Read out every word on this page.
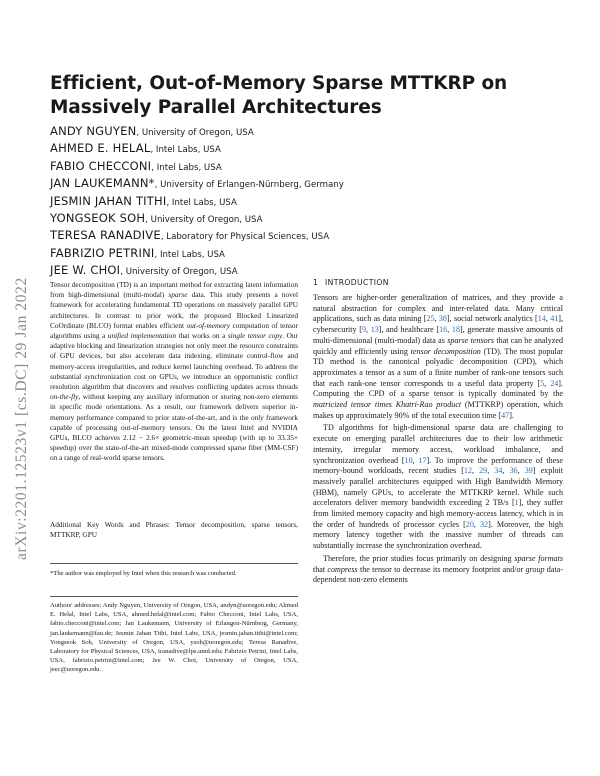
arXiv:2201.12523v1 [cs.DC] 29 Jan 2022
Efficient, Out-of-Memory Sparse MTTKRP on Massively Parallel Architectures
ANDY NGUYEN, University of Oregon, USA
AHMED E. HELAL, Intel Labs, USA
FABIO CHECCONI, Intel Labs, USA
JAN LAUKEMANN*, University of Erlangen-Nürnberg, Germany
JESMIN JAHAN TITHI, Intel Labs, USA
YONGSEOK SOH, University of Oregon, USA
TERESA RANADIVE, Laboratory for Physical Sciences, USA
FABRIZIO PETRINI, Intel Labs, USA
JEE W. CHOI, University of Oregon, USA

Tensor decomposition (TD) is an important method for extracting latent information from high-dimensional (multi-modal) sparse data. This study presents a novel framework for accelerating fundamental TD operations on massively parallel GPU architectures. In contrast to prior work, the proposed Blocked Linearized CoOrdinate (BLCO) format enables efficient out-of-memory computation of tensor algorithms using a unified implementation that works on a single tensor copy. Our adaptive blocking and linearization strategies not only meet the resource constraints of GPU devices, but also accelerate data indexing, eliminate control-flow and memory-access irregularities, and reduce kernel launching overhead. To address the substantial synchronization cost on GPUs, we introduce an opportunistic conflict resolution algorithm that discovers and resolves conflicting updates across threads on-the-fly, without keeping any auxiliary information or storing non-zero elements in specific mode orientations. As a result, our framework delivers superior in-memory performance compared to prior state-of-the-art, and is the only framework capable of processing out-of-memory tensors. On the latest Intel and NVIDIA GPUs, BLCO achieves 2.12 − 2.6× geometric-mean speedup (with up to 33.35× speedup) over the state-of-the-art mixed-mode compressed sparse fiber (MM-CSF) on a range of real-world sparse tensors.

Additional Key Words and Phrases: Tensor decomposition, sparse tensors, MTTKRP, GPU

*The author was employed by Intel when this research was conducted.

Authors' addresses: Andy Nguyen, University of Oregon, USA, andyn@uoregon.edu; Ahmed E. Helal, Intel Labs, USA, ahmed.helal@intel.com; Fabio Checconi, Intel Labs, USA, fabio.checconi@intel.com; Jan Laukemann, University of Erlangen-Nürnberg, Germany, jan.laukemann@fau.de; Jesmin Jahan Tithi, Intel Labs, USA, jesmin.jahan.tithi@intel.com; Yongseok Soh, University of Oregon, USA, ysoh@uoregon.edu; Teresa Ranadive, Laboratory for Physical Sciences, USA, tranadive@lps.umd.edu; Fabrizio Petrini, Intel Labs, USA, fabrizio.petrini@intel.com; Jee W. Choi, University of Oregon, USA, jeec@uoregon.edu.

1 INTRODUCTION

Tensors are higher-order generalization of matrices, and they provide a natural abstraction for complex and inter-related data. Many critical applications, such as data mining [25, 38], social network analytics [14, 41], cybersecurity [9, 13], and healthcare [16, 18], generate massive amounts of multi-dimensional (multi-modal) data as sparse tensors that can be analyzed quickly and efficiently using tensor decomposition (TD). The most popular TD method is the canonical polyadic decomposition (CPD), which approximates a tensor as a sum of a finite number of rank-one tensors such that each rank-one tensor corresponds to a useful data property [5, 24]. Computing the CPD of a sparse tensor is typically dominated by the matricized tensor times Khatri-Rao product (MTTKRP) operation, which makes up approximately 90% of the total execution time [47].

TD algorithms for high-dimensional sparse data are challenging to execute on emerging parallel architectures due to their low arithmetic intensity, irregular memory access, workload imbalance, and synchronization overhead [10, 17]. To improve the performance of these memory-bound workloads, recent studies [12, 29, 34, 36, 39] exploit massively parallel architectures equipped with High Bandwidth Memory (HBM), namely GPUs, to accelerate the MTTKRP kernel. While such accelerators deliver memory bandwidth exceeding 2 TB/s [1], they suffer from limited memory capacity and high memory-access latency, which is in the order of hundreds of processor cycles [20, 32]. Moreover, the high memory latency together with the massive number of threads can substantially increase the synchronization overhead.

Therefore, the prior studies focus primarily on designing sparse formats that compress the tensor to decrease its memory footprint and/or group data-dependent non-zero elements
